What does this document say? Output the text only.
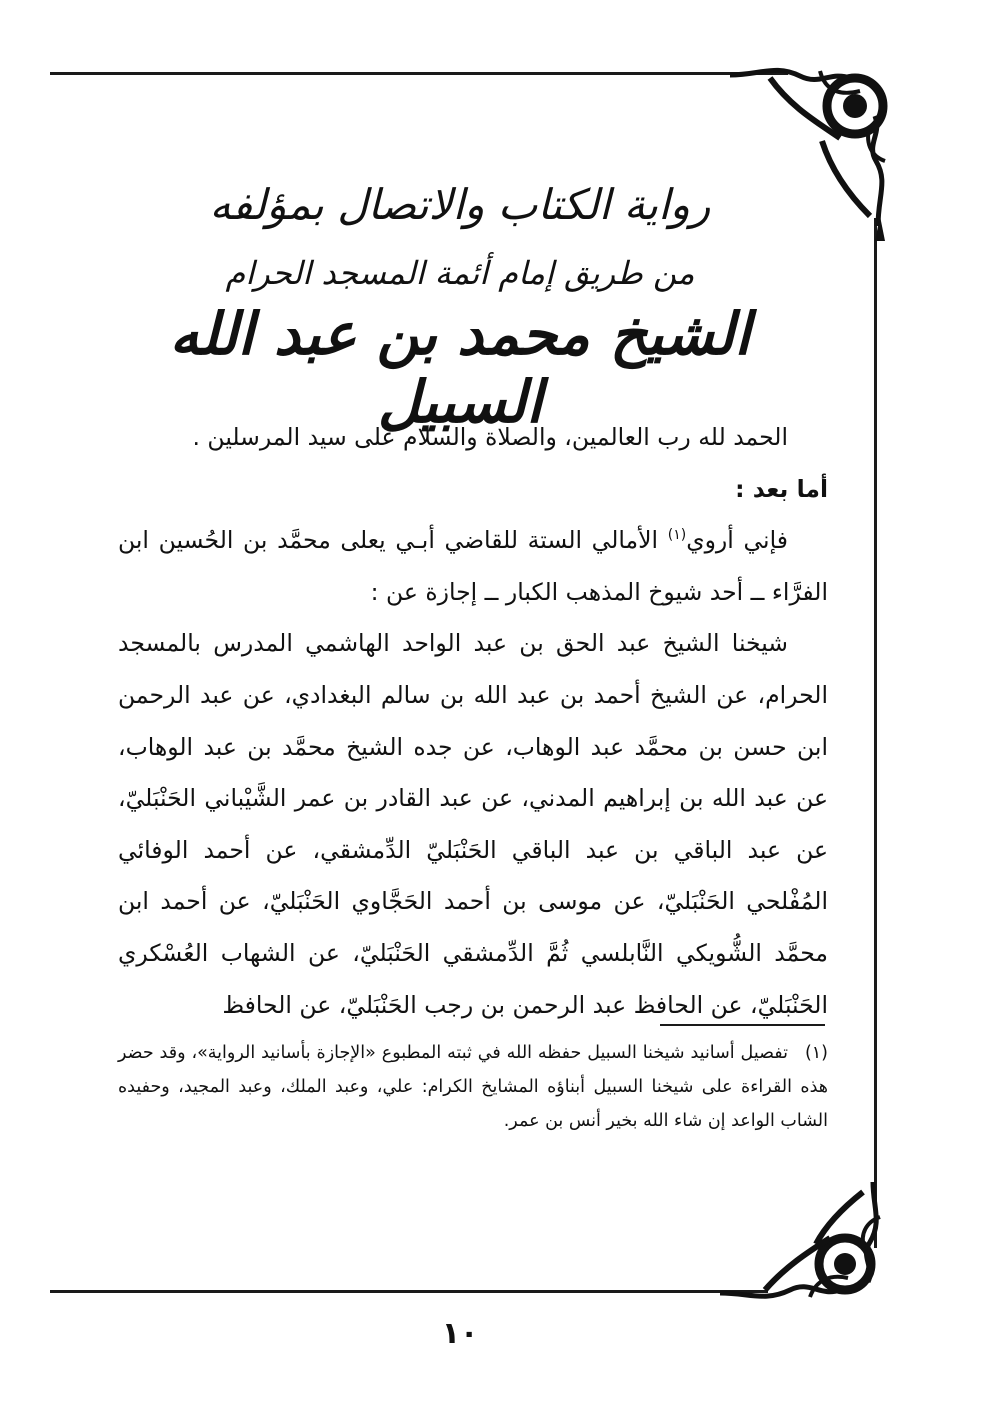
رواية الكتاب والاتصال بمؤلفه
من طريق إمام أئمة المسجد الحرام
الشيخ محمد بن عبد الله السبيل

الحمد لله رب العالمين، والصلاة والسلام على سيد المرسلين .

أما بعد :

فإني أروي$^{(١)}$ الأمالي الستة للقاضي أبـي يعلى محمَّد بن الحُسين ابن الفرَّاء ــ أحد شيوخ المذهب الكبار ــ إجازة عن :

شيخنا الشيخ عبد الحق بن عبد الواحد الهاشمي المدرس بالمسجد الحرام، عن الشيخ أحمد بن عبد الله بن سالم البغدادي، عن عبد الرحمن ابن حسن بن محمَّد عبد الوهاب، عن جده الشيخ محمَّد بن عبد الوهاب، عن عبد الله بن إبراهيم المدني، عن عبد القادر بن عمر الشَّيْباني الحَنْبَليّ، عن عبد الباقي بن عبد الباقي الحَنْبَليّ الدِّمشقي، عن أحمد الوفائي المُفْلحي الحَنْبَليّ، عن موسى بن أحمد الحَجَّاوي الحَنْبَليّ، عن أحمد ابن محمَّد الشُّويكي النَّابلسي ثُمَّ الدِّمشقي الحَنْبَليّ، عن الشهاب العُسْكري الحَنْبَليّ، عن الحافظ عبد الرحمن بن رجب الحَنْبَليّ، عن الحافظ

(١)تفصيل أسانيد شيخنا السبيل حفظه الله في ثبته المطبوع «الإجازة بأسانيد الرواية»، وقد حضر هذه القراءة على شيخنا السبيل أبناؤه المشايخ الكرام: علي، وعبد الملك، وعبد المجيد، وحفيده الشاب الواعد إن شاء الله بخير أنس بن عمر.
١٠
